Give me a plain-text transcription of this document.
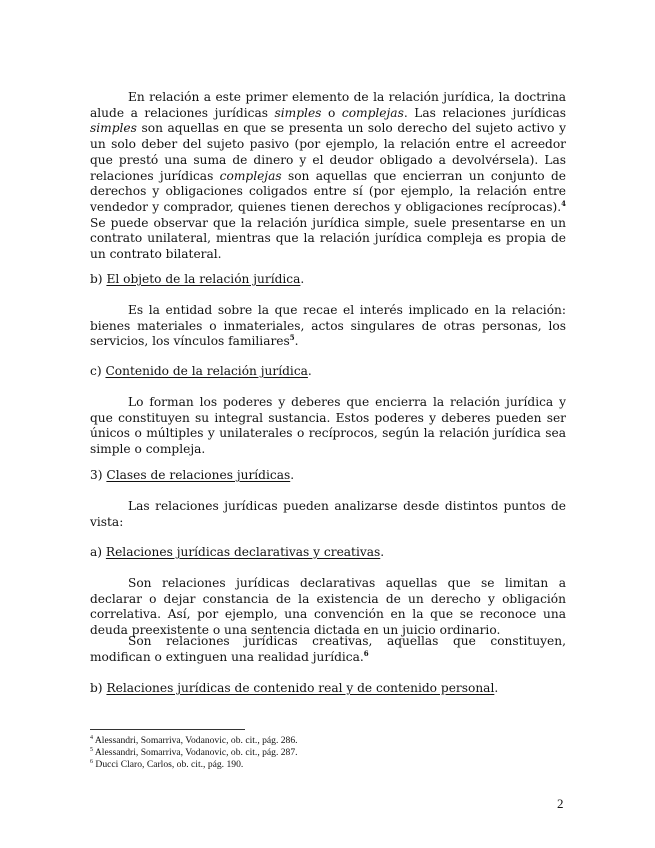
En relación a este primer elemento de la relación jurídica, la doctrina alude a relaciones jurídicas simples o complejas. Las relaciones jurídicas simples son aquellas en que se presenta un solo derecho del sujeto activo y un solo deber del sujeto pasivo (por ejemplo, la relación entre el acreedor que prestó una suma de dinero y el deudor obligado a devolvérsela). Las relaciones jurídicas complejas son aquellas que encierran un conjunto de derechos y obligaciones coligados entre sí (por ejemplo, la relación entre vendedor y comprador, quienes tienen derechos y obligaciones recíprocas).$^4$ Se puede observar que la relación jurídica simple, suele presentarse en un contrato unilateral, mientras que la relación jurídica compleja es propia de un contrato bilateral.

b) El objeto de la relación jurídica.

Es la entidad sobre la que recae el interés implicado en la relación: bienes materiales o inmateriales, actos singulares de otras personas, los servicios, los vínculos familiares$^5$.

c) Contenido de la relación jurídica.

Lo forman los poderes y deberes que encierra la relación jurídica y que constituyen su integral sustancia. Estos poderes y deberes pueden ser únicos o múltiples y unilaterales o recíprocos, según la relación jurídica sea simple o compleja.

3) Clases de relaciones jurídicas.

Las relaciones jurídicas pueden analizarse desde distintos puntos de vista:

a) Relaciones jurídicas declarativas y creativas.

Son relaciones jurídicas declarativas aquellas que se limitan a declarar o dejar constancia de la existencia de un derecho y obligación correlativa. Así, por ejemplo, una convención en la que se reconoce una deuda preexistente o una sentencia dictada en un juicio ordinario.

Son relaciones jurídicas creativas, aquellas que constituyen, modifican o extinguen una realidad jurídica.$^6$

b) Relaciones jurídicas de contenido real y de contenido personal.

$^4$ Alessandri, Somarriva, Vodanovic, ob. cit., pág. 286.

$^5$ Alessandri, Somarriva, Vodanovic, ob. cit., pág. 287.

$^6$ Ducci Claro, Carlos, ob. cit., pág. 190.

2
